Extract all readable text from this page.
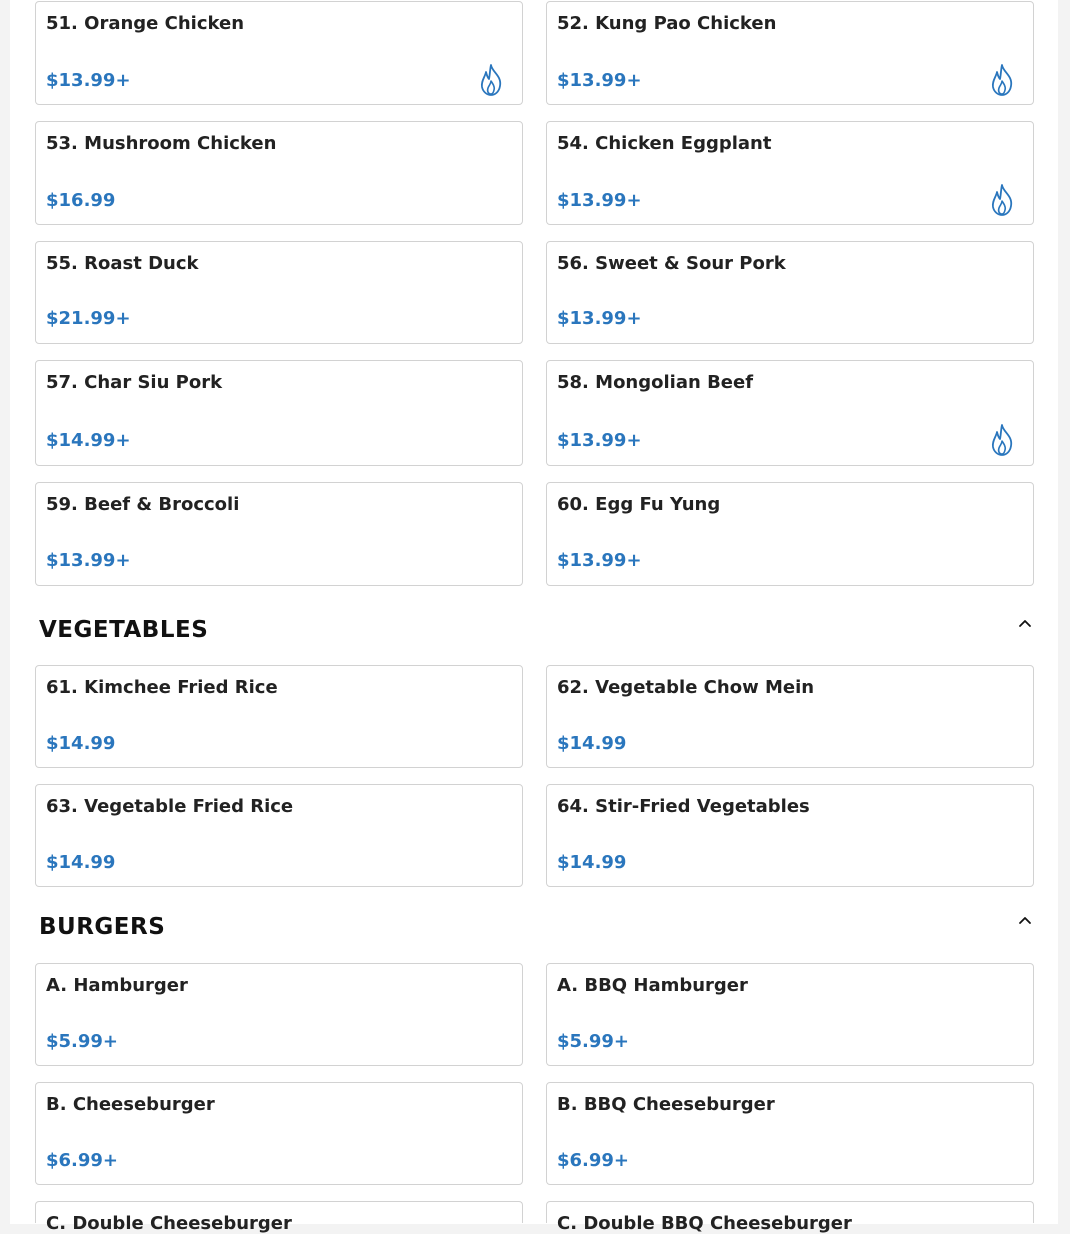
51. Orange Chicken
$13.99+
52. Kung Pao Chicken
$13.99+
53. Mushroom Chicken
$16.99
54. Chicken Eggplant
$13.99+
55. Roast Duck
$21.99+
56. Sweet & Sour Pork
$13.99+
57. Char Siu Pork
$14.99+
58. Mongolian Beef
$13.99+
59. Beef & Broccoli
$13.99+
60. Egg Fu Yung
$13.99+
VEGETABLES
61. Kimchee Fried Rice
$14.99
62. Vegetable Chow Mein
$14.99
63. Vegetable Fried Rice
$14.99
64. Stir-Fried Vegetables
$14.99
BURGERS
A. Hamburger
$5.99+
A. BBQ Hamburger
$5.99+
B. Cheeseburger
$6.99+
B. BBQ Cheeseburger
$6.99+
C. Double Cheeseburger	C. Double BBQ Cheeseburger
